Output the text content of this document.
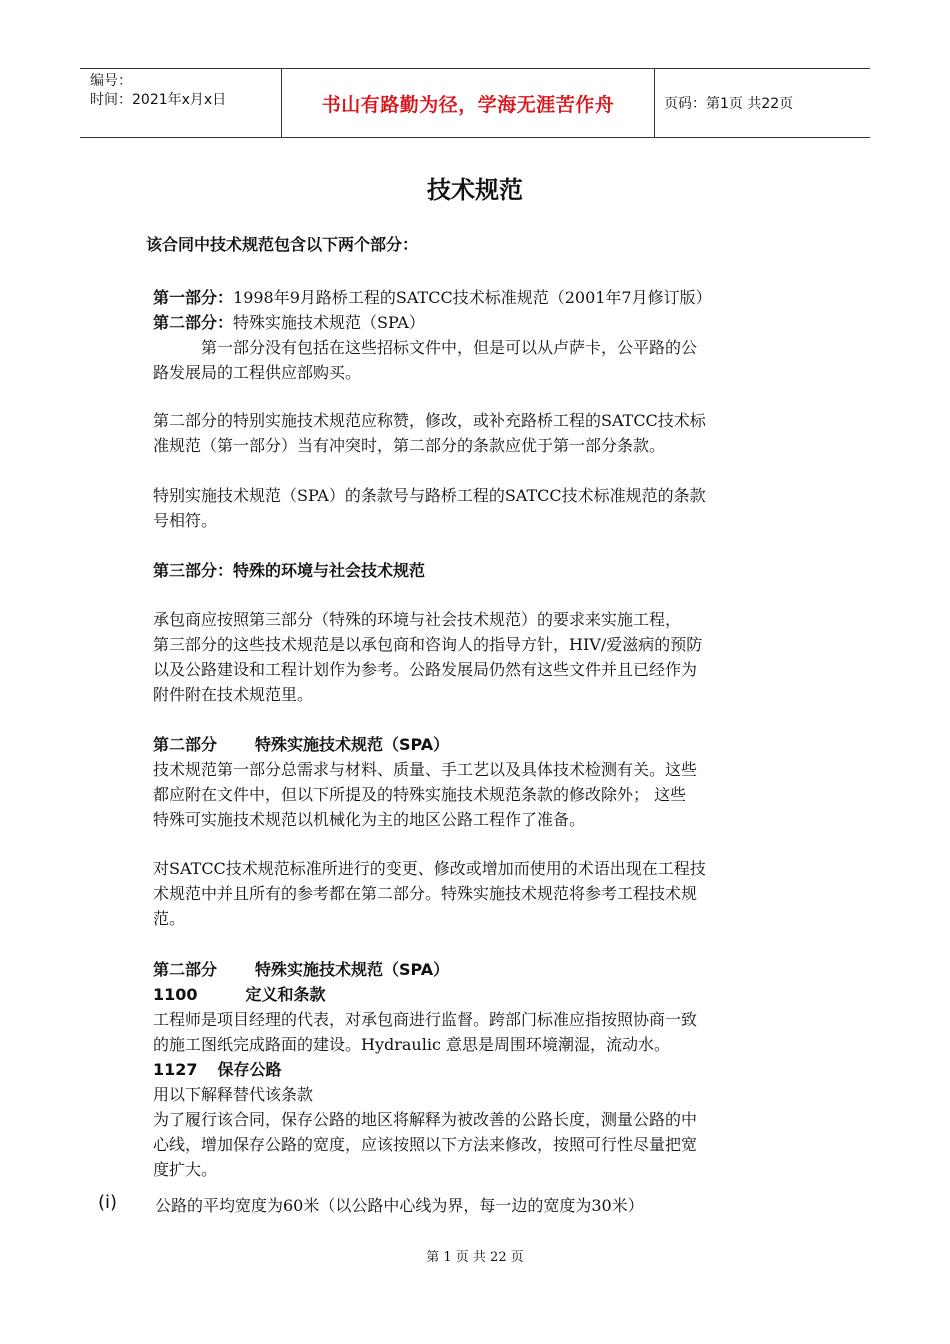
编号：
时间：2021年x月x日	书山有路勤为径，学海无涯苦作舟	页码：第1页 共22页
技术规范

该合同中技术规范包含以下两个部分：

第一部分：1998年9月路桥工程的SATCC技术标准规范（2001年7月修订版）

第二部分：特殊实施技术规范（SPA）

第一部分没有包括在这些招标文件中，但是可以从卢萨卡，公平路的公

路发展局的工程供应部购买。

第二部分的特别实施技术规范应称赞，修改，或补充路桥工程的SATCC技术标

准规范（第一部分）当有冲突时，第二部分的条款应优于第一部分条款。

特别实施技术规范（SPA）的条款号与路桥工程的SATCC技术标准规范的条款

号相符。

第三部分：特殊的环境与社会技术规范

承包商应按照第三部分（特殊的环境与社会技术规范）的要求来实施工程，

第三部分的这些技术规范是以承包商和咨询人的指导方针，HIV/爱滋病的预防

以及公路建设和工程计划作为参考。公路发展局仍然有这些文件并且已经作为

附件附在技术规范里。

第二部分 特殊实施技术规范（SPA）

技术规范第一部分总需求与材料、质量、手工艺以及具体技术检测有关。这些

都应附在文件中，但以下所提及的特殊实施技术规范条款的修改除外； 这些

特殊可实施技术规范以机械化为主的地区公路工程作了准备。

对SATCC技术规范标准所进行的变更、修改或增加而使用的术语出现在工程技

术规范中并且所有的参考都在第二部分。特殊实施技术规范将参考工程技术规

范。

第二部分 特殊实施技术规范（SPA）

1100	定义和条款

工程师是项目经理的代表，对承包商进行监督。跨部门标准应指按照协商一致

的施工图纸完成路面的建设。Hydraulic 意思是周围环境潮湿，流动水。

1127 保存公路

用以下解释替代该条款

为了履行该合同，保存公路的地区将解释为被改善的公路长度，测量公路的中

心线，增加保存公路的宽度，应该按照以下方法来修改，按照可行性尽量把宽

度扩大。

(i) 公路的平均宽度为60米（以公路中心线为界，每一边的宽度为30米）

第 1 页 共 22 页
